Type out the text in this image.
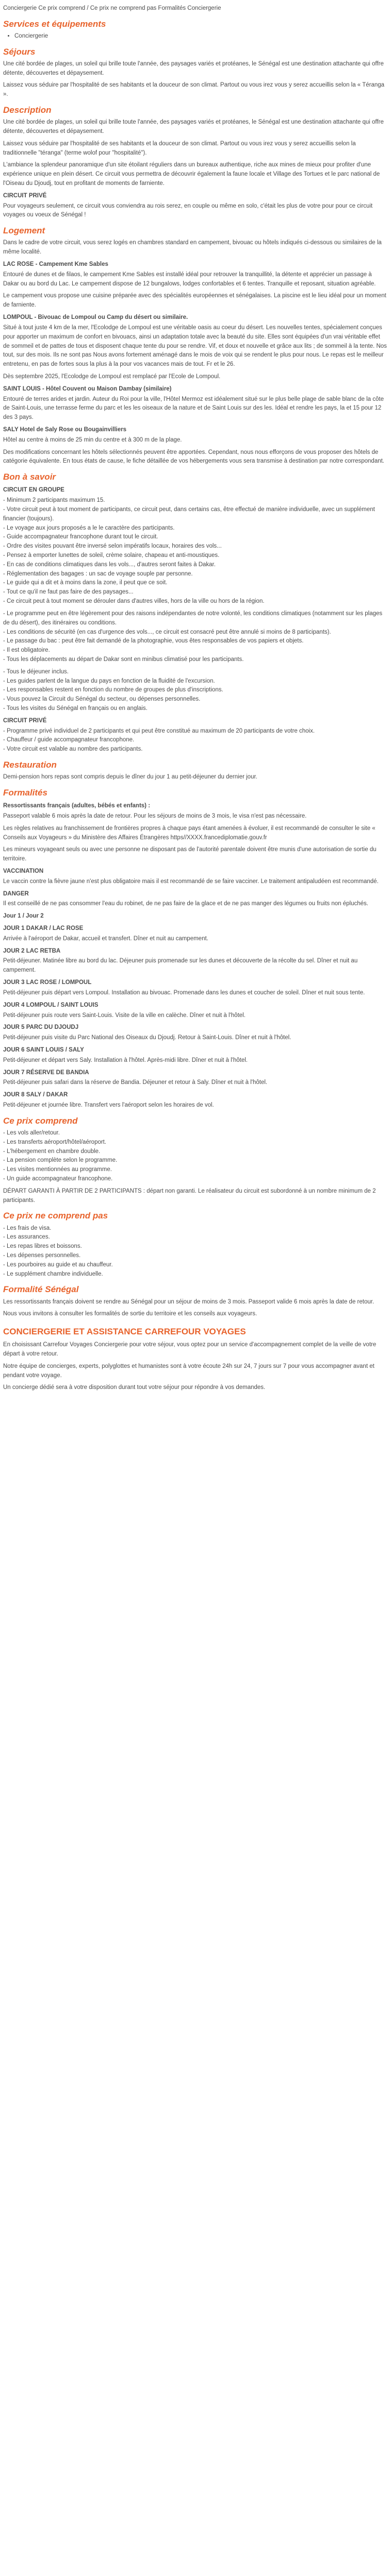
Conciergerie Ce prix comprend / Ce prix ne comprend pas Formalités Conciergerie
Services et équipements
• Conciergerie
Séjours

Une cité bordée de plages, un soleil qui brille toute l'année, des paysages variés et protéanes, le Sénégal est une destination attachante qui offre détente, découvertes et dépaysement.

Laissez vous séduire par l'hospitalité de ses habitants et la douceur de son climat. Partout ou vous irez vous y serez accueillis selon la « Téranga ».

Description

Une cité bordée de plages, un soleil qui brille toute l'année, des paysages variés et protéanes, le Sénégal est une destination attachante qui offre détente, découvertes et dépaysement.

Laissez vous séduire par l'hospitalité de ses habitants et la douceur de son climat. Partout ou vous irez vous y serez accueillis selon la traditionnelle "téranga" (terme wolof pour "hospitalité").

L'ambiance la splendeur panoramique d'un site étoilant réguliers dans un bureaux authentique, riche aux mines de mieux pour profiter d'une expérience unique en plein désert. Ce circuit vous permettra de découvrir également la faune locale et Village des Tortues et le parc national de l'Oiseau du Djoudj, tout en profitant de moments de farniente.

CIRCUIT PRIVÉ

Pour voyageurs seulement, ce circuit vous conviendra au rois serez, en couple ou même en solo, c'était les plus de votre pour pour ce circuit voyages ou voeux de Sénégal !

Logement

Dans le cadre de votre circuit, vous serez logés en chambres standard en campement, bivouac ou hôtels indiqués ci-dessous ou similaires de la même localité.

LAC ROSE - Campement Kme Sables

Entouré de dunes et de filaos, le campement Kme Sables est installé idéal pour retrouver la tranquillité, la détente et apprécier un passage à Dakar ou au bord du Lac. Le campement dispose de 12 bungalows, lodges confortables et 6 tentes. Tranquille et reposant, situation agréable.

Le campement vous propose une cuisine préparée avec des spécialités européennes et sénégalaises. La piscine est le lieu idéal pour un moment de farniente.

LOMPOUL - Bivouac de Lompoul ou Camp du désert ou similaire.

Situé à tout juste 4 km de la mer, l'Ecolodge de Lompoul est une véritable oasis au coeur du désert. Les nouvelles tentes, spécialement conçues pour apporter un maximum de confort en bivouacs, ainsi un adaptation totale avec la beauté du site. Elles sont équipées d'un vrai véritable effet de sommeil et de pattes de tous et disposent chaque tente du pour se rendre. Vif, et doux et nouvelle et grâce aux lits ; de sommeil à la tente. Nos tout, sur des mois. Ils ne sont pas Nous avons fortement aménagé dans le mois de voix qui se rendent le plus pour nous. Le repas est le meilleur entretenu, en pas de fortes sous la plus à la pour vos vacances mais de tout. Fr et le 26.

Dès septembre 2025, l'Ecolodge de Lompoul est remplacé par l'Ecole de Lompoul.

SAINT LOUIS - Hôtel Couvent ou Maison Dambay (similaire)

Entouré de terres arides et jardin. Auteur du Roi pour la ville, l'Hôtel Mermoz est idéalement situé sur le plus belle plage de sable blanc de la côte de Saint-Louis, une terrasse ferme du parc et les les oiseaux de la nature et de Saint Louis sur des les. Idéal et rendre les pays, la et 15 pour 12 des 3 pays.

SALY Hotel de Saly Rose ou Bougainvilliers

Hôtel au centre à moins de 25 min du centre et à 300 m de la plage.

Des modifications concernant les hôtels sélectionnés peuvent être apportées. Cependant, nous nous efforçons de vous proposer des hôtels de catégorie équivalente. En tous états de cause, le fiche détaillée de vos hébergements vous sera transmise à destination par notre correspondant.

Bon à savoir
CIRCUIT EN GROUPE

- Minimum 2 participants maximum 15.

- Votre circuit peut à tout moment de participants, ce circuit peut, dans certains cas, être effectué de manière individuelle, avec un supplément financier (toujours).

- Le voyage aux jours proposés a le le caractère des participants.

- Guide accompagnateur francophone durant tout le circuit.

- Ordre des visites pouvant être inversé selon impératifs locaux, horaires des vols...

- Pensez à emporter lunettes de soleil, crème solaire, chapeau et anti-moustiques.

- En cas de conditions climatiques dans les vols..., d'autres seront faites à Dakar.

- Réglementation des bagages : un sac de voyage souple par personne.

- Le guide qui a dit et à moins dans la zone, il peut que ce soit.

- Tout ce qu'il ne faut pas faire de des paysages...

- Ce circuit peut à tout moment se dérouler dans d'autres villes, hors de la ville ou hors de la région.

- Le programme peut en être légèrement pour des raisons indépendantes de notre volonté, les conditions climatiques (notamment sur les plages de du désert), des itinéraires ou conditions.

- Les conditions de sécurité (en cas d'urgence des vols..., ce circuit est consacré peut être annulé si moins de 8 participants).

- Le passage du bac : peut être fait demandé de la photographie, vous êtes responsables de vos papiers et objets.

- Il est obligatoire.

- Tous les déplacements au départ de Dakar sont en minibus climatisé pour les participants.

- Tous le déjeuner inclus.

- Les guides parlent de la langue du pays en fonction de la fluidité de l'excursion.

- Les responsables restent en fonction du nombre de groupes de plus d'inscriptions.

- Vous pouvez la Circuit du Sénégal du secteur, ou dépenses personnelles.

- Tous les visites du Sénégal en français ou en anglais.

CIRCUIT PRIVÉ

- Programme privé individuel de 2 participants et qui peut être constitué au maximum de 20 participants de votre choix.

- Chauffeur / guide accompagnateur francophone.

- Votre circuit est valable au nombre des participants.

Restauration

Demi-pension hors repas sont compris depuis le dîner du jour 1 au petit-déjeuner du dernier jour.

Formalités
Ressortissants français (adultes, bébés et enfants) :

Passeport valable 6 mois après la date de retour. Pour les séjours de moins de 3 mois, le visa n'est pas nécessaire.

Les règles relatives au franchissement de frontières propres à chaque pays étant amenées à évoluer, il est recommandé de consulter le site « Conseils aux Voyageurs » du Ministère des Affaires Étrangères https//XXXX.francediplomatie.gouv.fr

Les mineurs voyageant seuls ou avec une personne ne disposant pas de l'autorité parentale doivent être munis d'une autorisation de sortie du territoire.

VACCINATION

Le vaccin contre la fièvre jaune n'est plus obligatoire mais il est recommandé de se faire vacciner. Le traitement antipaludéen est recommandé.

DANGER

Il est conseillé de ne pas consommer l'eau du robinet, de ne pas faire de la glace et de ne pas manger des légumes ou fruits non épluchés.

Jour 1 / Jour 2
JOUR 1 DAKAR / LAC ROSE

Arrivée à l'aéroport de Dakar, accueil et transfert. Dîner et nuit au campement.

JOUR 2 LAC RETBA

Petit-déjeuner. Matinée libre au bord du lac. Déjeuner puis promenade sur les dunes et découverte de la récolte du sel. Dîner et nuit au campement.

JOUR 3 LAC ROSE / LOMPOUL

Petit-déjeuner puis départ vers Lompoul. Installation au bivouac. Promenade dans les dunes et coucher de soleil. Dîner et nuit sous tente.

JOUR 4 LOMPOUL / SAINT LOUIS

Petit-déjeuner puis route vers Saint-Louis. Visite de la ville en calèche. Dîner et nuit à l'hôtel.

JOUR 5 PARC DU DJOUDJ

Petit-déjeuner puis visite du Parc National des Oiseaux du Djoudj. Retour à Saint-Louis. Dîner et nuit à l'hôtel.

JOUR 6 SAINT LOUIS / SALY

Petit-déjeuner et départ vers Saly. Installation à l'hôtel. Après-midi libre. Dîner et nuit à l'hôtel.

JOUR 7 RÉSERVE DE BANDIA

Petit-déjeuner puis safari dans la réserve de Bandia. Déjeuner et retour à Saly. Dîner et nuit à l'hôtel.

JOUR 8 SALY / DAKAR

Petit-déjeuner et journée libre. Transfert vers l'aéroport selon les horaires de vol.

Ce prix comprend

- Les vols aller/retour.

- Les transferts aéroport/hôtel/aéroport.

- L'hébergement en chambre double.

- La pension complète selon le programme.

- Les visites mentionnées au programme.

- Un guide accompagnateur francophone.

DÉPART GARANTI À PARTIR DE 2 PARTICIPANTS : départ non garanti. Le réalisateur du circuit est subordonné à un nombre minimum de 2 participants.

Ce prix ne comprend pas

- Les frais de visa.

- Les assurances.

- Les repas libres et boissons.

- Les dépenses personnelles.

- Les pourboires au guide et au chauffeur.

- Le supplément chambre individuelle.

Formalité Sénégal

Les ressortissants français doivent se rendre au Sénégal pour un séjour de moins de 3 mois. Passeport valide 6 mois après la date de retour.

Nous vous invitons à consulter les formalités de sortie du territoire et les conseils aux voyageurs.

CONCIERGERIE ET ASSISTANCE CARREFOUR VOYAGES

En choisissant Carrefour Voyages Conciergerie pour votre séjour, vous optez pour un service d'accompagnement complet de la veille de votre départ à votre retour.

Notre équipe de concierges, experts, polyglottes et humanistes sont à votre écoute 24h sur 24, 7 jours sur 7 pour vous accompagner avant et pendant votre voyage.

Un concierge dédié sera à votre disposition durant tout votre séjour pour répondre à vos demandes.
